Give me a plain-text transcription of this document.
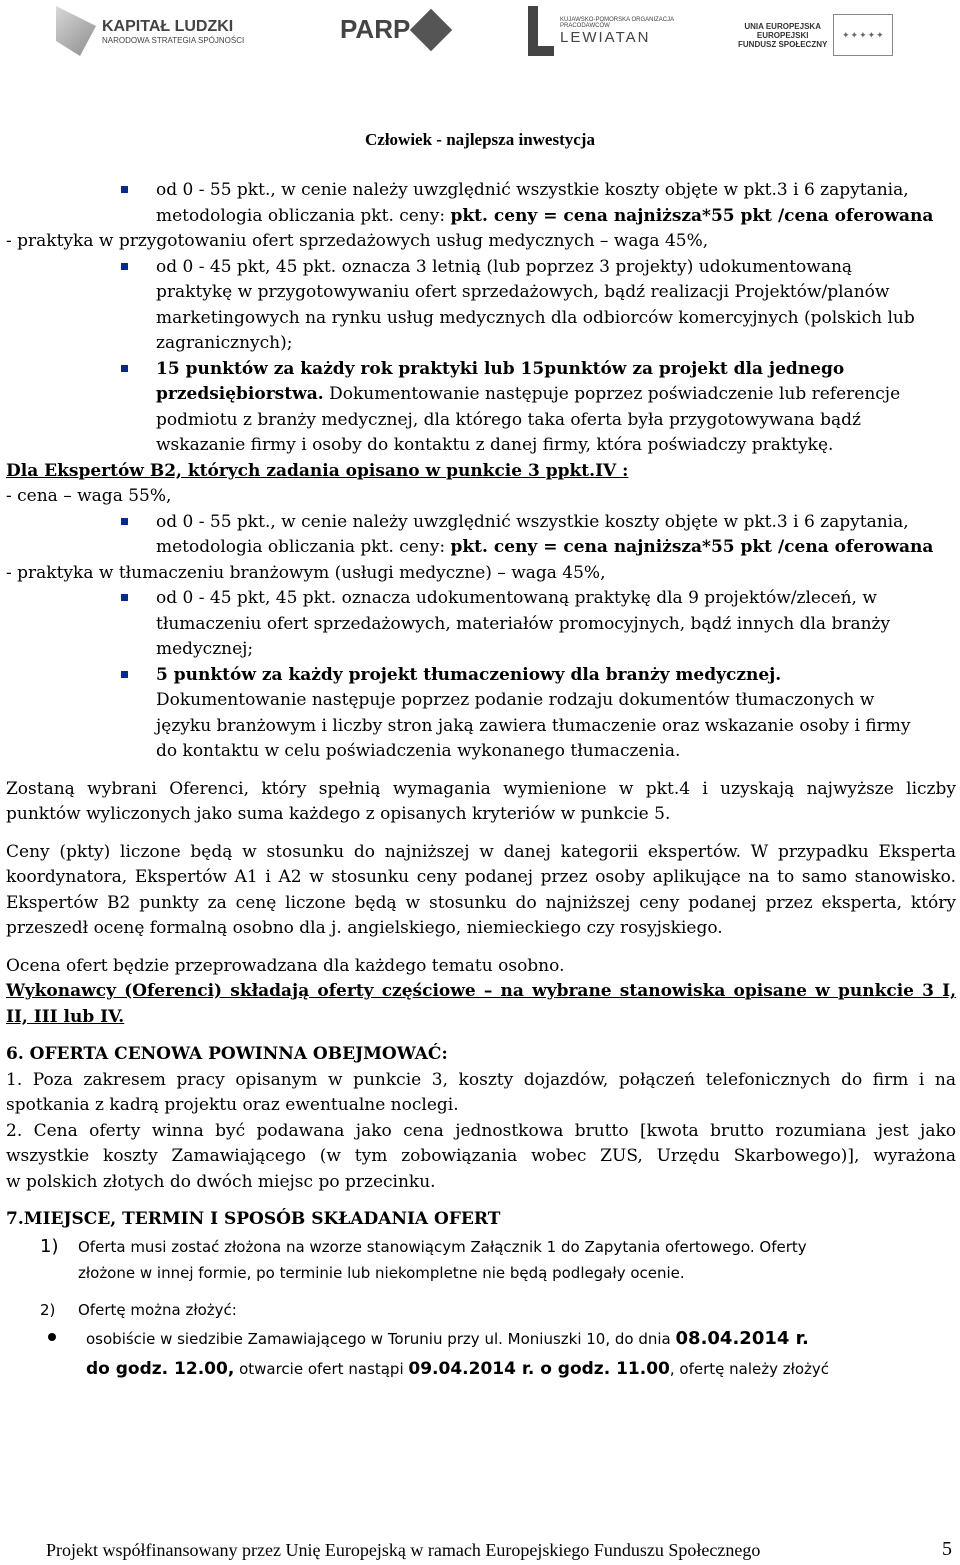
KAPITAŁ LUDZKI
NARODOWA STRATEGIA SPÓJNOŚCI	PARP	KUJAWSKO-POMORSKA ORGANIZACJA PRACODAWCÓW
LEWIATAN
UNIA EUROPEJSKA
EUROPEJSKI
FUNDUSZ SPOŁECZNY
✦✦✦✦✦
Człowiek - najlepsza inwestycja
od 0 - 55 pkt., w cenie należy uwzględnić wszystkie koszty objęte w pkt.3 i 6 zapytania,
metodologia obliczania pkt. ceny: pkt. ceny = cena najniższa*55 pkt /cena oferowana
- praktyka w przygotowaniu ofert sprzedażowych usług medycznych – waga 45%,
od 0 - 45 pkt, 45 pkt. oznacza 3 letnią (lub poprzez 3 projekty) udokumentowaną
praktykę w przygotowywaniu ofert sprzedażowych, bądź realizacji Projektów/planów
marketingowych na rynku usług medycznych dla odbiorców komercyjnych (polskich lub
zagranicznych);
15 punktów za każdy rok praktyki lub 15punktów za projekt dla jednego
przedsiębiorstwa. Dokumentowanie następuje poprzez poświadczenie lub referencje
podmiotu z branży medycznej, dla którego taka oferta była przygotowywana bądź
wskazanie firmy i osoby do kontaktu z danej firmy, która poświadczy praktykę.
Dla Ekspertów B2, których zadania opisano w punkcie 3 ppkt.IV :
- cena – waga 55%,
od 0 - 55 pkt., w cenie należy uwzględnić wszystkie koszty objęte w pkt.3 i 6 zapytania,
metodologia obliczania pkt. ceny: pkt. ceny = cena najniższa*55 pkt /cena oferowana
- praktyka w tłumaczeniu branżowym (usługi medyczne) – waga 45%,
od 0 - 45 pkt, 45 pkt. oznacza udokumentowaną praktykę dla 9 projektów/zleceń, w
tłumaczeniu ofert sprzedażowych, materiałów promocyjnych, bądź innych dla branży
medycznej;
5 punktów za każdy projekt tłumaczeniowy dla branży medycznej.
Dokumentowanie następuje poprzez podanie rodzaju dokumentów tłumaczonych w
języku branżowym i liczby stron jaką zawiera tłumaczenie oraz wskazanie osoby i firmy
do kontaktu w celu poświadczenia wykonanego tłumaczenia.
Zostaną wybrani Oferenci, który spełnią wymagania wymienione w pkt.4 i uzyskają najwyższe liczby
punktów wyliczonych jako suma każdego z opisanych kryteriów w punkcie 5.
Ceny (pkty) liczone będą w stosunku do najniższej w danej kategorii ekspertów. W przypadku Eksperta
koordynatora, Ekspertów A1 i A2 w stosunku ceny podanej przez osoby aplikujące na to samo stanowisko.
Ekspertów B2 punkty za cenę liczone będą w stosunku do najniższej ceny podanej przez eksperta, który
przeszedł ocenę formalną osobno dla j. angielskiego, niemieckiego czy rosyjskiego.
Ocena ofert będzie przeprowadzana dla każdego tematu osobno.
Wykonawcy (Oferenci) składają oferty częściowe – na wybrane stanowiska opisane w punkcie 3 I,
II, III lub IV.
6. OFERTA CENOWA POWINNA OBEJMOWAĆ:
1. Poza zakresem pracy opisanym w punkcie 3, koszty dojazdów, połączeń telefonicznych do firm i na
spotkania z kadrą projektu oraz ewentualne noclegi.
2. Cena oferty winna być podawana jako cena jednostkowa brutto [kwota brutto rozumiana jest jako
wszystkie koszty Zamawiającego (w tym zobowiązania wobec ZUS, Urzędu Skarbowego)], wyrażona
w polskich złotych do dwóch miejsc po przecinku.
7.MIEJSCE, TERMIN I SPOSÓB SKŁADANIA OFERT
1) Oferta musi zostać złożona na wzorze stanowiącym Załącznik 1 do Zapytania ofertowego. Oferty
złożone w innej formie, po terminie lub niekompletne nie będą podlegały ocenie.
2) Ofertę można złożyć:
osobiście w siedzibie Zamawiającego w Toruniu przy ul. Moniuszki 10, do dnia 08.04.2014 r.
do godz. 12.00, otwarcie ofert nastąpi 09.04.2014 r. o godz. 11.00, ofertę należy złożyć
Projekt współfinansowany przez Unię Europejską w ramach Europejskiego Funduszu Społecznego	5
